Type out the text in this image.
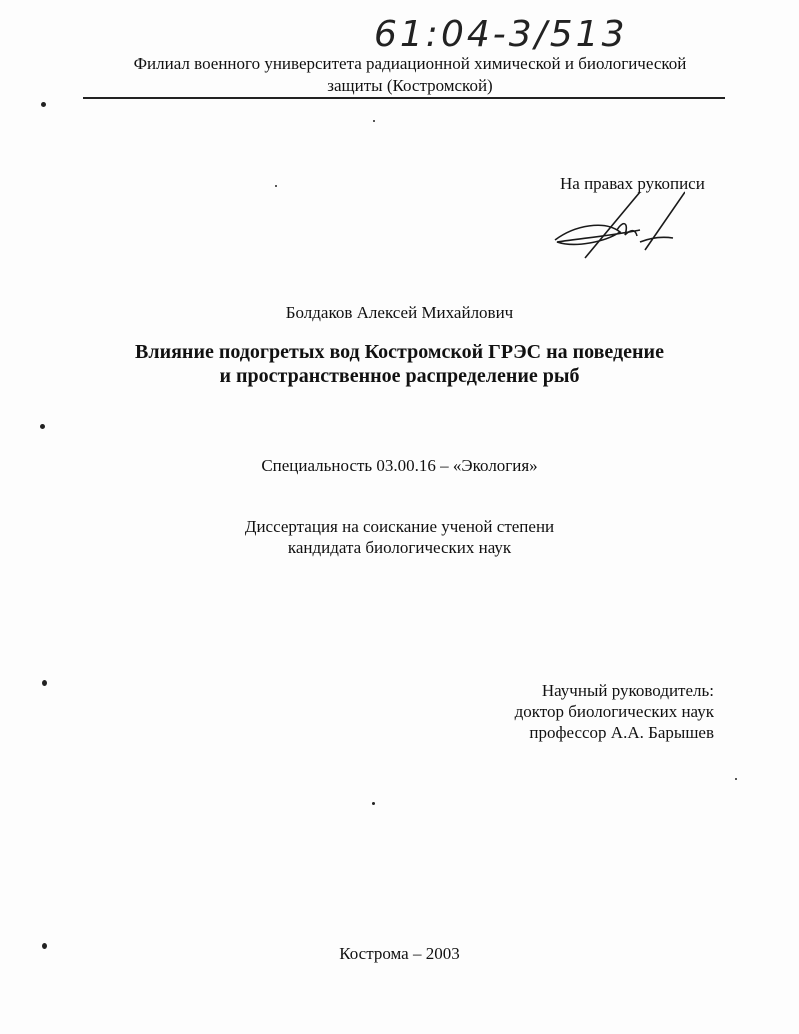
61:04-3/513
Филиал военного университета радиационной химической и биологической
защиты (Костромской)
На правах рукописи
Болдаков Алексей Михайлович
Влияние подогретых вод Костромской ГРЭС на поведение
и пространственное распределение рыб
Специальность 03.00.16 – «Экология»
Диссертация на соискание ученой степени
кандидата биологических наук
Научный руководитель:
доктор биологических наук
профессор А.А. Барышев
Кострома – 2003
